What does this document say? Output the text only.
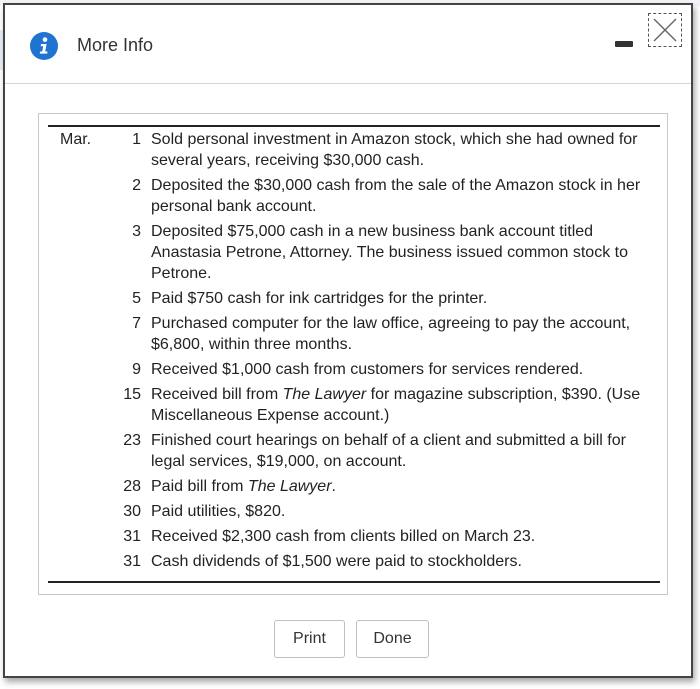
More Info
Mar.	1	Sold personal investment in Amazon stock, which she had owned for several years, receiving $30,000 cash.
	2	Deposited the $30,000 cash from the sale of the Amazon stock in her personal bank account.
	3	Deposited $75,000 cash in a new business bank account titled Anastasia Petrone, Attorney. The business issued common stock to Petrone.
	5	Paid $750 cash for ink cartridges for the printer.
	7	Purchased computer for the law office, agreeing to pay the account, $6,800, within three months.
	9	Received $1,000 cash from customers for services rendered.
	15	Received bill from The Lawyer for magazine subscription, $390. (Use Miscellaneous Expense account.)
	23	Finished court hearings on behalf of a client and submitted a bill for legal services, $19,000, on account.
	28	Paid bill from The Lawyer.
	30	Paid utilities, $820.
	31	Received $2,300 cash from clients billed on March 23.
	31	Cash dividends of $1,500 were paid to stockholders.
Print	Done
